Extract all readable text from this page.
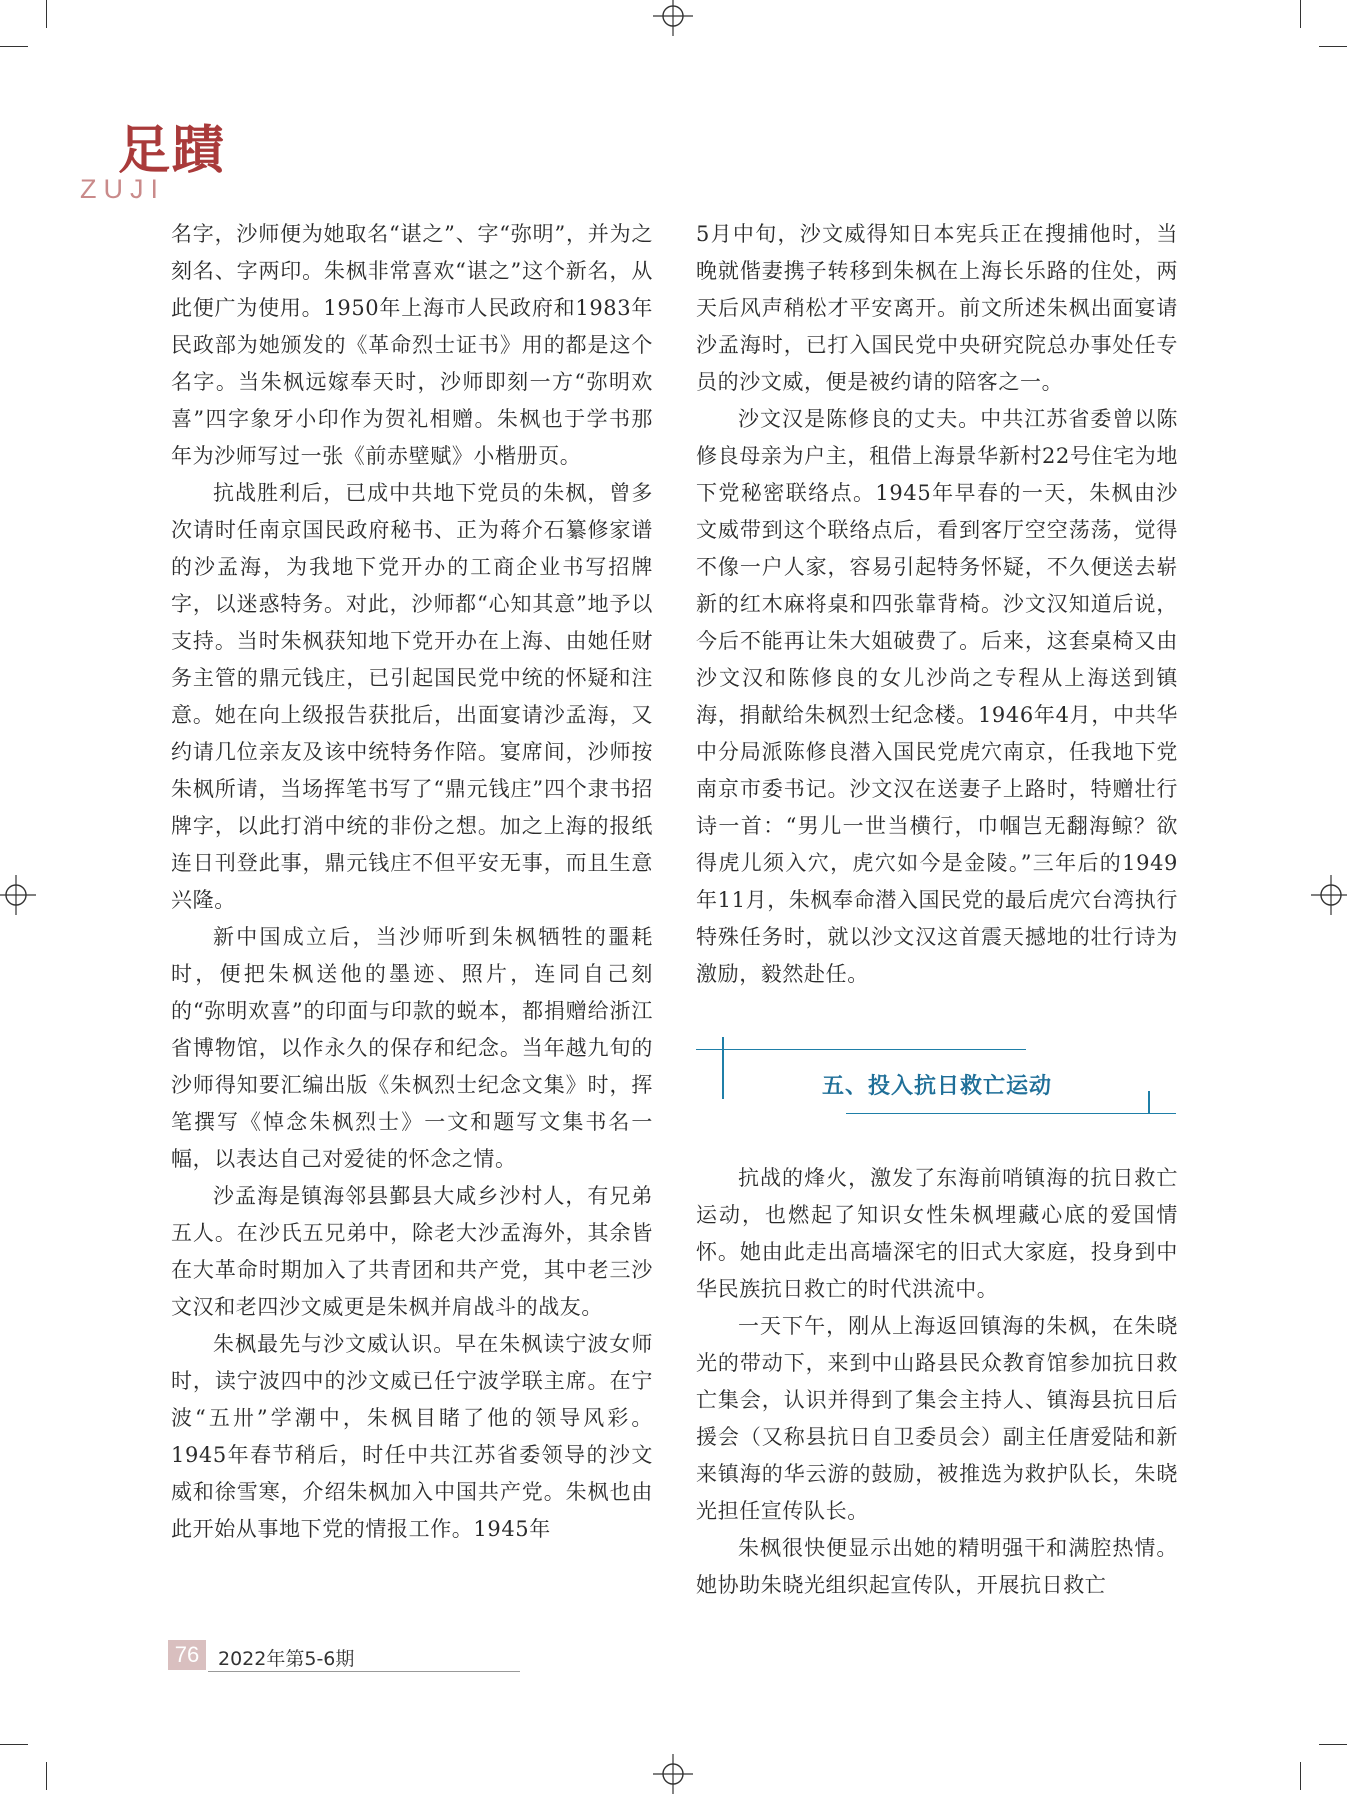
足蹟
ZUJI

名字，沙师便为她取名“谌之”、字“弥明”，并为之刻名、字两印。朱枫非常喜欢“谌之”这个新名，从此便广为使用。1950年上海市人民政府和1983年民政部为她颁发的《革命烈士证书》用的都是这个名字。当朱枫远嫁奉天时，沙师即刻一方“弥明欢喜”四字象牙小印作为贺礼相赠。朱枫也于学书那年为沙师写过一张《前赤壁赋》小楷册页。

抗战胜利后，已成中共地下党员的朱枫，曾多次请时任南京国民政府秘书、正为蒋介石纂修家谱的沙孟海，为我地下党开办的工商企业书写招牌字，以迷惑特务。对此，沙师都“心知其意”地予以支持。当时朱枫获知地下党开办在上海、由她任财务主管的鼎元钱庄，已引起国民党中统的怀疑和注意。她在向上级报告获批后，出面宴请沙孟海，又约请几位亲友及该中统特务作陪。宴席间，沙师按朱枫所请，当场挥笔书写了“鼎元钱庄”四个隶书招牌字，以此打消中统的非份之想。加之上海的报纸连日刊登此事，鼎元钱庄不但平安无事，而且生意兴隆。

新中国成立后，当沙师听到朱枫牺牲的噩耗时，便把朱枫送他的墨迹、照片，连同自己刻的“弥明欢喜”的印面与印款的蜕本，都捐赠给浙江省博物馆，以作永久的保存和纪念。当年越九旬的沙师得知要汇编出版《朱枫烈士纪念文集》时，挥笔撰写《悼念朱枫烈士》一文和题写文集书名一幅，以表达自己对爱徒的怀念之情。

沙孟海是镇海邻县鄞县大咸乡沙村人，有兄弟五人。在沙氏五兄弟中，除老大沙孟海外，其余皆在大革命时期加入了共青团和共产党，其中老三沙文汉和老四沙文威更是朱枫并肩战斗的战友。

朱枫最先与沙文威认识。早在朱枫读宁波女师时，读宁波四中的沙文威已任宁波学联主席。在宁波“五卅”学潮中，朱枫目睹了他的领导风彩。1945年春节稍后，时任中共江苏省委领导的沙文威和徐雪寒，介绍朱枫加入中国共产党。朱枫也由此开始从事地下党的情报工作。1945年

5月中旬，沙文威得知日本宪兵正在搜捕他时，当晚就偕妻携子转移到朱枫在上海长乐路的住处，两天后风声稍松才平安离开。前文所述朱枫出面宴请沙孟海时，已打入国民党中央研究院总办事处任专员的沙文威，便是被约请的陪客之一。

沙文汉是陈修良的丈夫。中共江苏省委曾以陈修良母亲为户主，租借上海景华新村22号住宅为地下党秘密联络点。1945年早春的一天，朱枫由沙文威带到这个联络点后，看到客厅空空荡荡，觉得不像一户人家，容易引起特务怀疑，不久便送去崭新的红木麻将桌和四张靠背椅。沙文汉知道后说，今后不能再让朱大姐破费了。后来，这套桌椅又由沙文汉和陈修良的女儿沙尚之专程从上海送到镇海，捐献给朱枫烈士纪念楼。1946年4月，中共华中分局派陈修良潜入国民党虎穴南京，任我地下党南京市委书记。沙文汉在送妻子上路时，特赠壮行诗一首：“男儿一世当横行，巾帼岂无翻海鲸？欲得虎儿须入穴，虎穴如今是金陵。”三年后的1949年11月，朱枫奉命潜入国民党的最后虎穴台湾执行特殊任务时，就以沙文汉这首震天撼地的壮行诗为激励，毅然赴任。

五、投入抗日救亡运动

抗战的烽火，激发了东海前哨镇海的抗日救亡运动，也燃起了知识女性朱枫埋藏心底的爱国情怀。她由此走出高墙深宅的旧式大家庭，投身到中华民族抗日救亡的时代洪流中。

一天下午，刚从上海返回镇海的朱枫，在朱晓光的带动下，来到中山路县民众教育馆参加抗日救亡集会，认识并得到了集会主持人、镇海县抗日后援会（又称县抗日自卫委员会）副主任唐爱陆和新来镇海的华云游的鼓励，被推选为救护队长，朱晓光担任宣传队长。

朱枫很快便显示出她的精明强干和满腔热情。她协助朱晓光组织起宣传队，开展抗日救亡

76 2022年第5-6期
